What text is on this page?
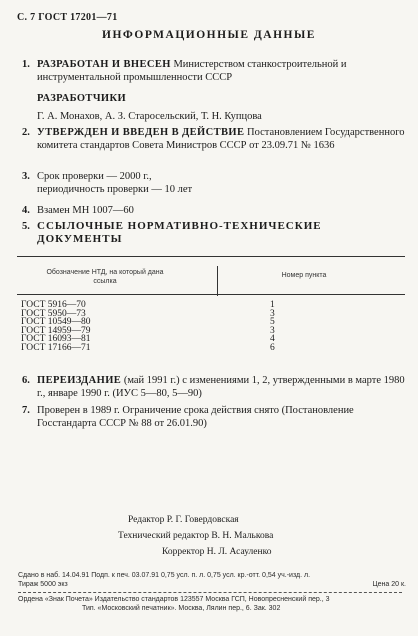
С. 7 ГОСТ 17201—71
ИНФОРМАЦИОННЫЕ ДАННЫЕ
1. РАЗРАБОТАН И ВНЕСЕН Министерством станкостроительной и инструментальной промышленности СССР
РАЗРАБОТЧИКИ
Г. А. Монахов, А. З. Старосельский, Т. Н. Купцова
2. УТВЕРЖДЕН И ВВЕДЕН В ДЕЙСТВИЕ Постановлением Государственного комитета стандартов Совета Министров СССР от 23.09.71 № 1636
3. Срок проверки — 2000 г.,
периодичность проверки — 10 лет
4. Взамен МН 1007—60
5. ССЫЛОЧНЫЕ НОРМАТИВНО-ТЕХНИЧЕСКИЕ ДОКУМЕНТЫ
Обозначение НТД, на который дана ссылка
Номер пункта
ГОСТ 5916—70	1
ГОСТ 5950—73	3
ГОСТ 10549—80	5
ГОСТ 14959—79	3
ГОСТ 16093—81	4
ГОСТ 17166—71	6
6. ПЕРЕИЗДАНИЕ (май 1991 г.) с изменениями 1, 2, утвержденными в марте 1980 г., январе 1990 г. (ИУС 5—80, 5—90)
7. Проверен в 1989 г. Ограничение срока действия снято (Постановление Госстандарта СССР № 88 от 26.01.90)
Редактор Р. Г. Говердовская
Технический редактор В. Н. Малькова
Корректор Н. Л. Асауленко
Сдано в наб. 14.04.91 Подп. к печ. 03.07.91 0,75 усл. п. л. 0,75 усл. кр.-отт. 0,54 уч.-изд. л.
Тираж 5000 экз	Цена 20 к.
Ордена «Знак Почета» Издательство стандартов 123557 Москва ГСП, Новопресненский пер., 3
Тип. «Московский печатник». Москва, Лялин пер., 6. Зак. 302
